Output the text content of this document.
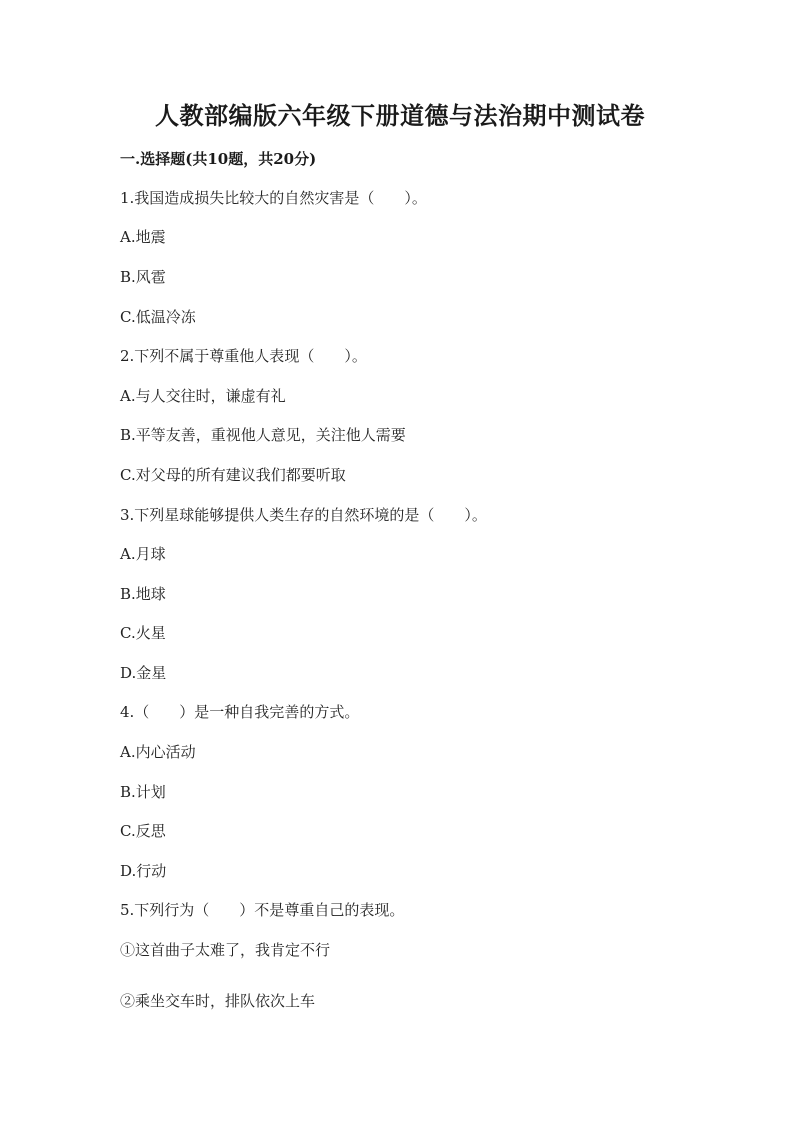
人教部编版六年级下册道德与法治期中测试卷
一.选择题(共10题，共20分)
1.我国造成损失比较大的自然灾害是（　　）。
A.地震
B.风雹
C.低温冷冻
2.下列不属于尊重他人表现（　　）。
A.与人交往时，谦虚有礼
B.平等友善，重视他人意见，关注他人需要
C.对父母的所有建议我们都要听取
3.下列星球能够提供人类生存的自然环境的是（　　）。
A.月球
B.地球
C.火星
D.金星
4.（　　）是一种自我完善的方式。
A.内心活动
B.计划
C.反思
D.行动
5.下列行为（　　）不是尊重自己的表现。
①这首曲子太难了，我肯定不行
②乘坐交车时，排队依次上车
